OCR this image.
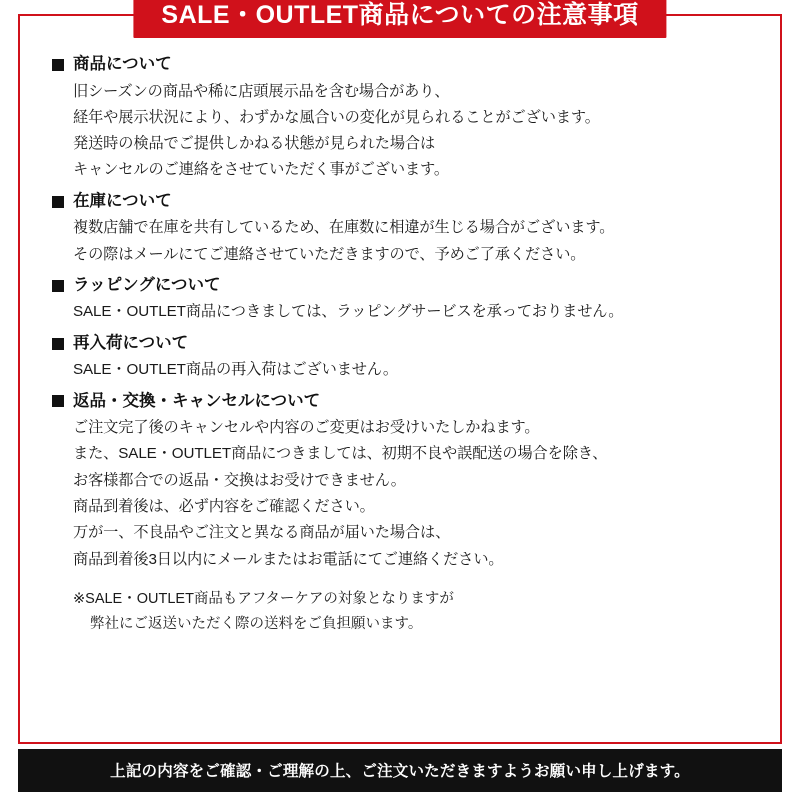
SALE・OUTLET商品についての注意事項
商品について
旧シーズンの商品や稀に店頭展示品を含む場合があり、
経年や展示状況により、わずかな風合いの変化が見られることがございます。
発送時の検品でご提供しかねる状態が見られた場合は
キャンセルのご連絡をさせていただく事がございます。
在庫について
複数店舗で在庫を共有しているため、在庫数に相違が生じる場合がございます。
その際はメールにてご連絡させていただきますので、予めご了承ください。
ラッピングについて
SALE・OUTLET商品につきましては、ラッピングサービスを承っておりません。
再入荷について
SALE・OUTLET商品の再入荷はございません。
返品・交換・キャンセルについて
ご注文完了後のキャンセルや内容のご変更はお受けいたしかねます。
また、SALE・OUTLET商品につきましては、初期不良や誤配送の場合を除き、
お客様都合での返品・交換はお受けできません。
商品到着後は、必ず内容をご確認ください。
万が一、不良品やご注文と異なる商品が届いた場合は、
商品到着後3日以内にメールまたはお電話にてご連絡ください。
※SALE・OUTLET商品もアフターケアの対象となりますが
弊社にご返送いただく際の送料をご負担願います。
上記の内容をご確認・ご理解の上、ご注文いただきますようお願い申し上げます。
